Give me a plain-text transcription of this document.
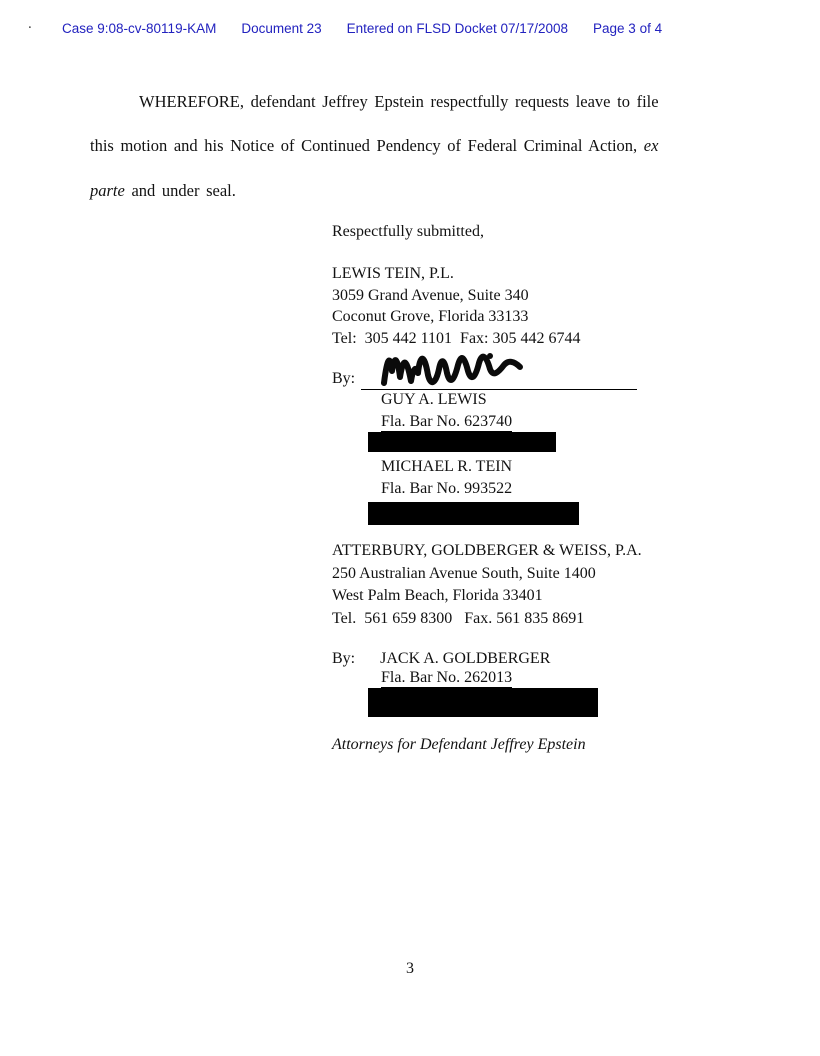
. Case 9:08-cv-80119-KAM Document 23 Entered on FLSD Docket 07/17/2008 Page 3 of 4
WHEREFORE, defendant Jeffrey Epstein respectfully requests leave to file
this motion and his Notice of Continued Pendency of Federal Criminal Action, ex
parte and under seal.
Respectfully submitted,
LEWIS TEIN, P.L.
3059 Grand Avenue, Suite 340
Coconut Grove, Florida 33133
Tel:  305 442 1101  Fax: 305 442 6744
By:
GUY A. LEWIS
Fla. Bar No. 623740
MICHAEL R. TEIN
Fla. Bar No. 993522
ATTERBURY, GOLDBERGER & WEISS, P.A.
250 Australian Avenue South, Suite 1400
West Palm Beach, Florida 33401
Tel.  561 659 8300   Fax. 561 835 8691
By: JACK A. GOLDBERGER
Fla. Bar No. 262013
Attorneys for Defendant Jeffrey Epstein
3
